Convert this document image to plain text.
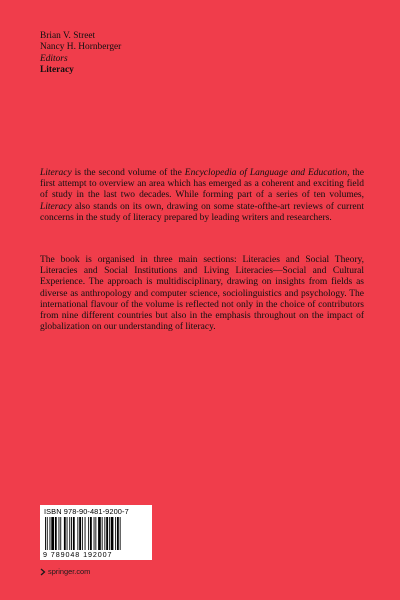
Brian V. Street
Nancy H. Hornberger
Editors
Literacy

Literacy is the second volume of the Encyclopedia of Language and Education, the first attempt to overview an area which has emerged as a coherent and exciting field of study in the last two decades. While forming part of a series of ten volumes, Literacy also stands on its own, drawing on some state-ofthe-art reviews of current concerns in the study of literacy prepared by leading writers and researchers.

The book is organised in three main sections: Literacies and Social Theory, Literacies and Social Institutions and Living Literacies—Social and Cultural Experience. The approach is multidisciplinary, drawing on insights from fields as diverse as anthropology and computer science, sociolinguistics and psychology. The international flavour of the volume is reflected not only in the choice of contributors from nine different countries but also in the emphasis throughout on the impact of globalization on our understanding of literacy.

ISBN 978-90-481-9200-7
9 789048 192007
springer.com
